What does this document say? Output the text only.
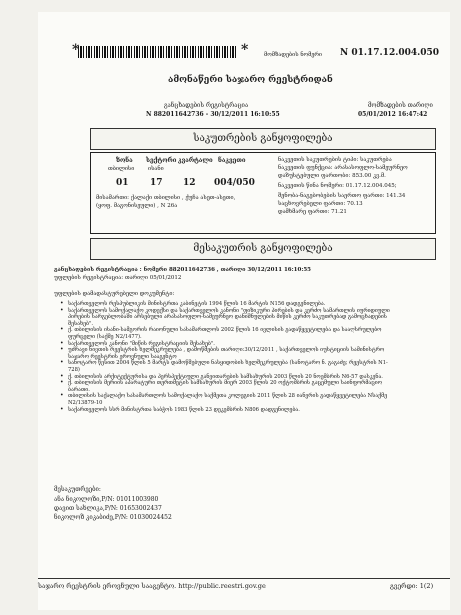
*	*	მომზადების ნომერი N 01.17.12.004.050
ამონაწერი საჯარო რეესტრიდან
განცხადების რეგისტრაცია
N 882011642736 - 30/12/2011 16:10:55
მომზადების თარიღი
05/01/2012 16:47:42
საკუთრების განყოფილება
ზონა სექტორი კვარტალი ნაკვეთი
თბილისი ისანი
01 17 12 004/050
მისამართი: ქალაქი თბილისი , ქუჩა ასეთ-ასეთი,
(ყოფ. მაგონისეული) , N 26ა
ნაკვეთის საკუთრების ტიპი: საკუთრება
ნაკვეთის ფუნქცია: არასასოფლო-სამეურნეო
დაზუსტებული ფართობი: 853.00 კვ.მ.
ნაკვეთის წინა ნომერი: 01.17.12.004.045;
შენობა-ნაგებობების საერთო ფართი: 141.34
საცხოვრებელი ფართი: 70.13
დამხმარე ფართი: 71.21
მესაკუთრის განყოფილება
განცხადების რეგისტრაცია : ნომერი 882011642736 , თარიღი 30/12/2011 16:10:55
უფლების რეგისტრაცია: თარიღი 05/01/2012
უფლების დამადასტურებელი დოკუმენტი:
• საქართველოს რესპუბლიკის მინისტრთა კაბინეტის 1994 წლის 16 მარტის N156 დადგენილება.
• საქართველოს სამოქალაქო კოდექსი და საქართველოს კანონი "ფიზიკური პირების და კერძო სამართლის იურიდიული პირების სარგებლობაში არსებული არასასოფლო-სამეურნეო დანიშნულების მიწის კერძო საკუთრებად გამოცხადების შესახებ".
• ქ. თბილისის ისანი-სამგორის რაიონული სასამართლოს 2002 წლის 16 ივლისის გადაწყვეტილება და სააღსრულებო ფურცელი (საქმე N2/1477).
• საქართველოს კანონი "მიწის რეგისტრაციის შესახებ".
• უძრავი ნივთის რეესტრის ხელშეკრულება , დამოწმების თარიღი:30/12/2011 , საქართველოს იუსტიციის სამინისტრო საჯარო რეესტრის ეროვნული სააგენტო
• სანოტარო წესით 2004 წლის 5 მარტს დამოწმებული ნასყიდობის ხელშეკრულება (სანოტარო ნ. გაგაძე; რეესტრის N1-728)
• ქ. თბილისის არქიტექტურისა და პერსპექტიული განვითარების სამსახურის 2003 წლის 20 ნოემბრის N6-57 დასკვნა.
• ქ. თბილისის მერიის აპარატური თერთმეტის სამსახურის მიერ 2003 წლის 20 ოქტომბრის გაცემული საინფორმაციო ბარათი.
• თბილისის საქალაქო სასამართლოს სამოქალაქო საქმეთა კოლეგიის 2011 წლის 28 იანვრის გადაწყვეტილება Nსაქმე N2/13879-10
• საქართველოს სსრ მინისტრთა საბჭოს 1983 წლის 23 დეკემბრის N806 დადგენილება.
მესაკუთრეები:
ანა ნიკოლოზი,P/N: 01011003980
დავით სახლიკა,P/N: 01653002437
ნიკოლოზ კიკაბიძე,P/N: 01030024452
საჯარო რეესტრის ეროვნული სააგენტო. http://public.reestri.gov.ge	გვერდი: 1(2)
